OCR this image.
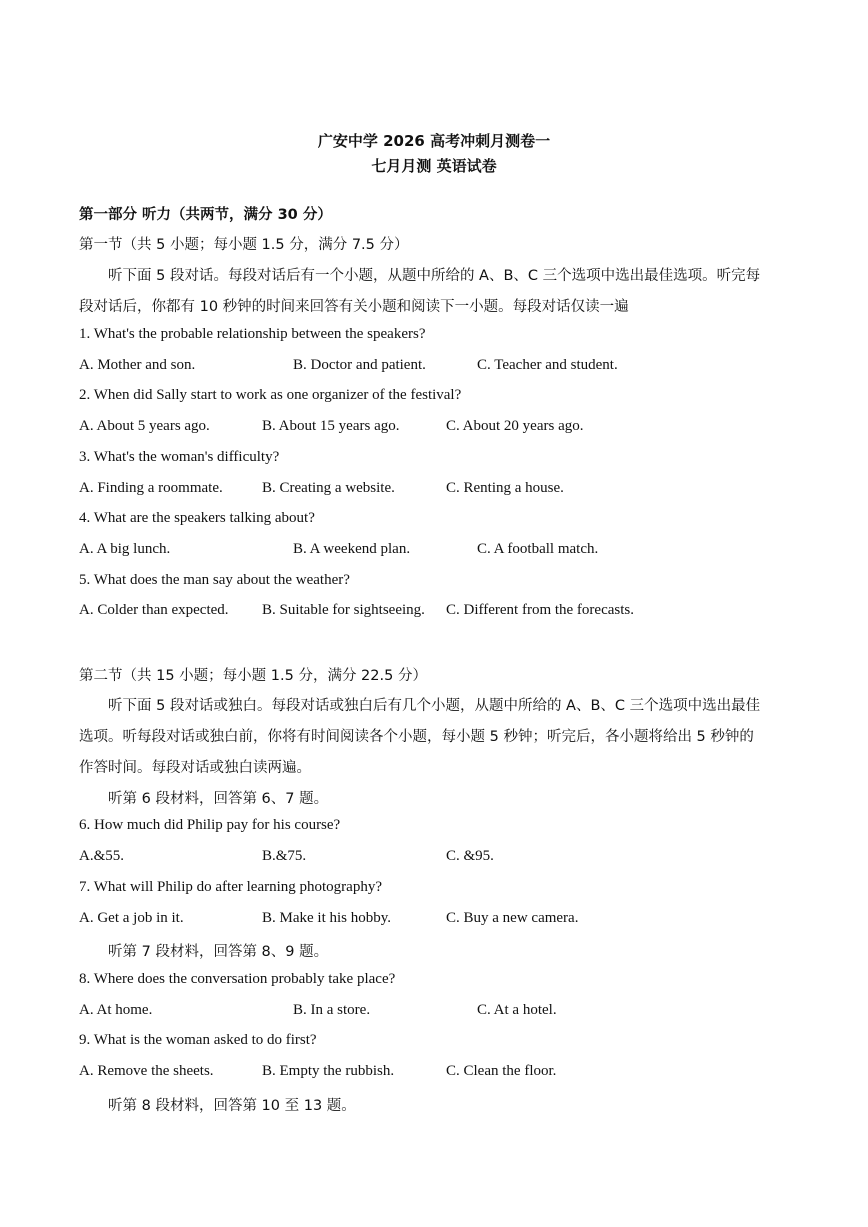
广安中学 2026 高考冲刺月测卷一
七月月测 英语试卷
第一部分 听力（共两节，满分 30 分）
第一节（共 5 小题；每小题 1.5 分，满分 7.5 分）
听下面 5 段对话。每段对话后有一个小题，从题中所给的 A、B、C 三个选项中选出最佳选项。听完每
段对话后，你都有 10 秒钟的时间来回答有关小题和阅读下一小题。每段对话仅读一遍
1. What's the probable relationship between the speakers?
A. Mother and son.	B. Doctor and patient.	C. Teacher and student.
2. When did Sally start to work as one organizer of the festival?
A. About 5 years ago.	B. About 15 years ago.	C. About 20 years ago.
3. What's the woman's difficulty?
A. Finding a roommate.	B. Creating a website.	C. Renting a house.
4. What are the speakers talking about?
A. A big lunch.	B. A weekend plan.	C. A football match.
5. What does the man say about the weather?
A. Colder than expected. B. Suitable for sightseeing. C. Different from the forecasts.
第二节（共 15 小题；每小题 1.5 分，满分 22.5 分）
听下面 5 段对话或独白。每段对话或独白后有几个小题，从题中所给的 A、B、C 三个选项中选出最佳
选项。听每段对话或独白前，你将有时间阅读各个小题，每小题 5 秒钟；听完后，各小题将给出 5 秒钟的
作答时间。每段对话或独白读两遍。
听第 6 段材料，回答第 6、7 题。
6. How much did Philip pay for his course?
A.&55.	B.&75.	C. &95.
7. What will Philip do after learning photography?
A. Get a job in it.	B. Make it his hobby.	C. Buy a new camera.
听第 7 段材料，回答第 8、9 题。
8. Where does the conversation probably take place?
A. At home.	B. In a store.	C. At a hotel.
9. What is the woman asked to do first?
A. Remove the sheets.	B. Empty the rubbish.	C. Clean the floor.
听第 8 段材料，回答第 10 至 13 题。
